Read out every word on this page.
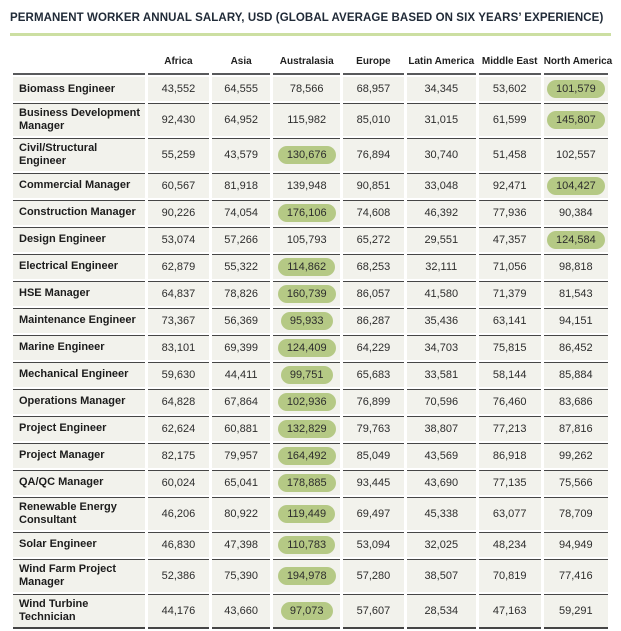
PERMANENT WORKER ANNUAL SALARY, USD (GLOBAL AVERAGE BASED ON SIX YEARS’ EXPERIENCE)
	Africa	Asia	Australasia	Europe	Latin America	Middle East	North America
Biomass Engineer	43,552	64,555	78,566	68,957	34,345	53,602	101,579
Business Development Manager	92,430	64,952	115,982	85,010	31,015	61,599	145,807
Civil/Structural Engineer	55,259	43,579	130,676	76,894	30,740	51,458	102,557
Commercial Manager	60,567	81,918	139,948	90,851	33,048	92,471	104,427
Construction Manager	90,226	74,054	176,106	74,608	46,392	77,936	90,384
Design Engineer	53,074	57,266	105,793	65,272	29,551	47,357	124,584
Electrical Engineer	62,879	55,322	114,862	68,253	32,111	71,056	98,818
HSE Manager	64,837	78,826	160,739	86,057	41,580	71,379	81,543
Maintenance Engineer	73,367	56,369	95,933	86,287	35,436	63,141	94,151
Marine Engineer	83,101	69,399	124,409	64,229	34,703	75,815	86,452
Mechanical Engineer	59,630	44,411	99,751	65,683	33,581	58,144	85,884
Operations Manager	64,828	67,864	102,936	76,899	70,596	76,460	83,686
Project Engineer	62,624	60,881	132,829	79,763	38,807	77,213	87,816
Project Manager	82,175	79,957	164,492	85,049	43,569	86,918	99,262
QA/QC Manager	60,024	65,041	178,885	93,445	43,690	77,135	75,566
Renewable Energy Consultant	46,206	80,922	119,449	69,497	45,338	63,077	78,709
Solar Engineer	46,830	47,398	110,783	53,094	32,025	48,234	94,949
Wind Farm Project Manager	52,386	75,390	194,978	57,280	38,507	70,819	77,416
Wind Turbine Technician	44,176	43,660	97,073	57,607	28,534	47,163	59,291
